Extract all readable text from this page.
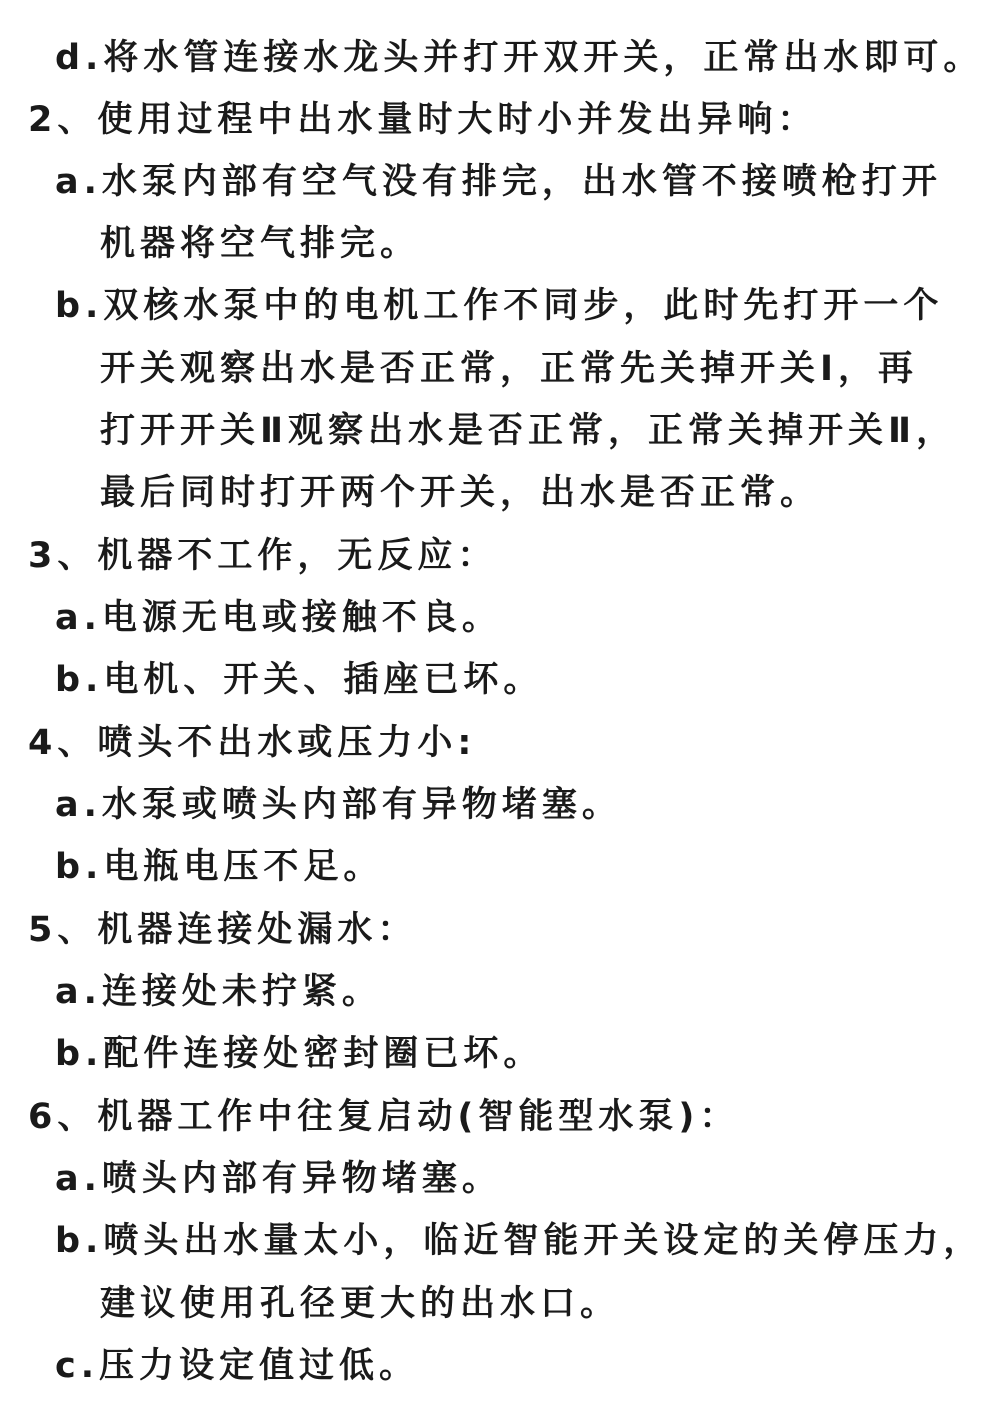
d.将水管连接水龙头并打开双开关，正常出水即可。
2、使用过程中出水量时大时小并发出异响：
a.水泵内部有空气没有排完，出水管不接喷枪打开
机器将空气排完。
b.双核水泵中的电机工作不同步，此时先打开一个
开关观察出水是否正常，正常先关掉开关Ⅰ，再
打开开关Ⅱ观察出水是否正常，正常关掉开关Ⅱ，
最后同时打开两个开关，出水是否正常。
3、机器不工作，无反应：
a.电源无电或接触不良。
b.电机、开关、插座已坏。
4、喷头不出水或压力小:
a.水泵或喷头内部有异物堵塞。
b.电瓶电压不足。
5、机器连接处漏水：
a.连接处未拧紧。
b.配件连接处密封圈已坏。
6、机器工作中往复启动(智能型水泵)：
a.喷头内部有异物堵塞。
b.喷头出水量太小，临近智能开关设定的关停压力，
建议使用孔径更大的出水口。
c.压力设定值过低。
